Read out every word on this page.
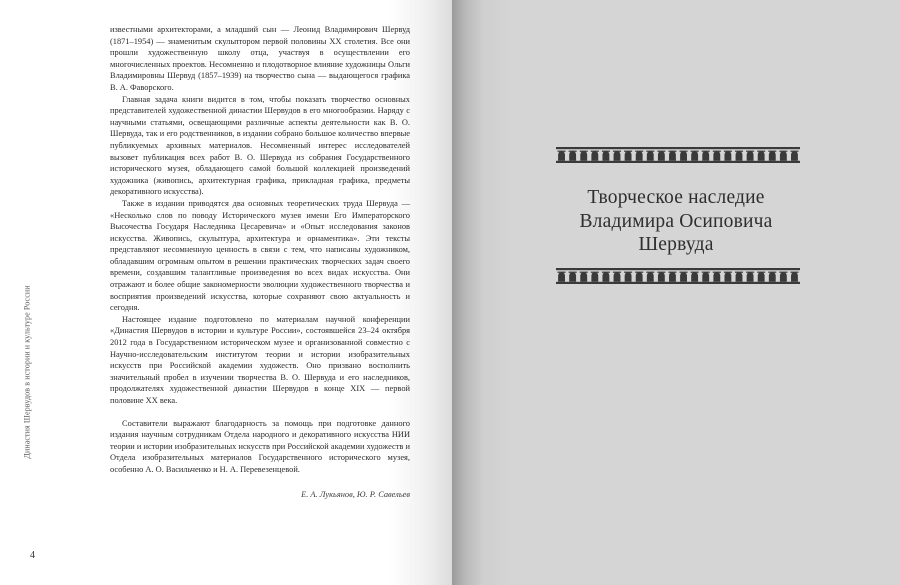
Династия Шервудов в истории и культуре России

известными архитекторами, а младший сын — Леонид Владимирович Шервуд (1871–1954) — знаменитым скульптором первой половины XX столетия. Все они прошли художественную школу отца, участвуя в осуществлении его многочисленных проектов. Несомненно и плодотворное влияние художницы Ольги Владимировны Шервуд (1857–1939) на творчество сына — выдающегося графика В. А. Фаворского.

Главная задача книги видится в том, чтобы показать творчество основных представителей художественной династии Шервудов в его многообразии. Наряду с научными статьями, освещающими различные аспекты деятельности как В. О. Шервуда, так и его родственников, в издании собрано большое количество впервые публикуемых архивных материалов. Несомненный интерес исследователей вызовет публикация всех работ В. О. Шервуда из собрания Государственного исторического музея, обладающего самой большой коллекцией произведений художника (живопись, архитектурная графика, прикладная графика, предметы декоративного искусства).

Также в издании приводятся два основных теоретических труда Шервуда — «Несколько слов по поводу Исторического музея имени Его Императорского Высочества Государя Наследника Цесаревича» и «Опыт исследования законов искусства. Живопись, скульптура, архитектура и орнаментика». Эти тексты представляют несомненную ценность в связи с тем, что написаны художником, обладавшим огромным опытом в решении практических творческих задач своего времени, создавшим талантливые произведения во всех видах искусства. Они отражают и более общие закономерности эволюции художественного творчества и восприятия произведений искусства, которые сохраняют свою актуальность и сегодня.

Настоящее издание подготовлено по материалам научной конференции «Династия Шервудов в истории и культуре России», состоявшейся 23–24 октября 2012 года в Государственном историческом музее и организованной совместно с Научно-исследовательским институтом теории и истории изобразительных искусств при Российской академии художеств. Оно призвано восполнить значительный пробел в изучении творчества В. О. Шервуда и его наследников, продолжателях художественной династии Шервудов в конце XIX — первой половине XX века.

Составители выражают благодарность за помощь при подготовке данного издания научным сотрудникам Отдела народного и декоративного искусства НИИ теории и истории изобразительных искусств при Российской академии художеств и Отдела изобразительных материалов Государственного исторического музея, особенно А. О. Васильченко и Н. А. Перевезенцевой.

Е. А. Лукьянов, Ю. Р. Савельев
4
Творческое наследие
Владимира Осиповича
Шервуда
